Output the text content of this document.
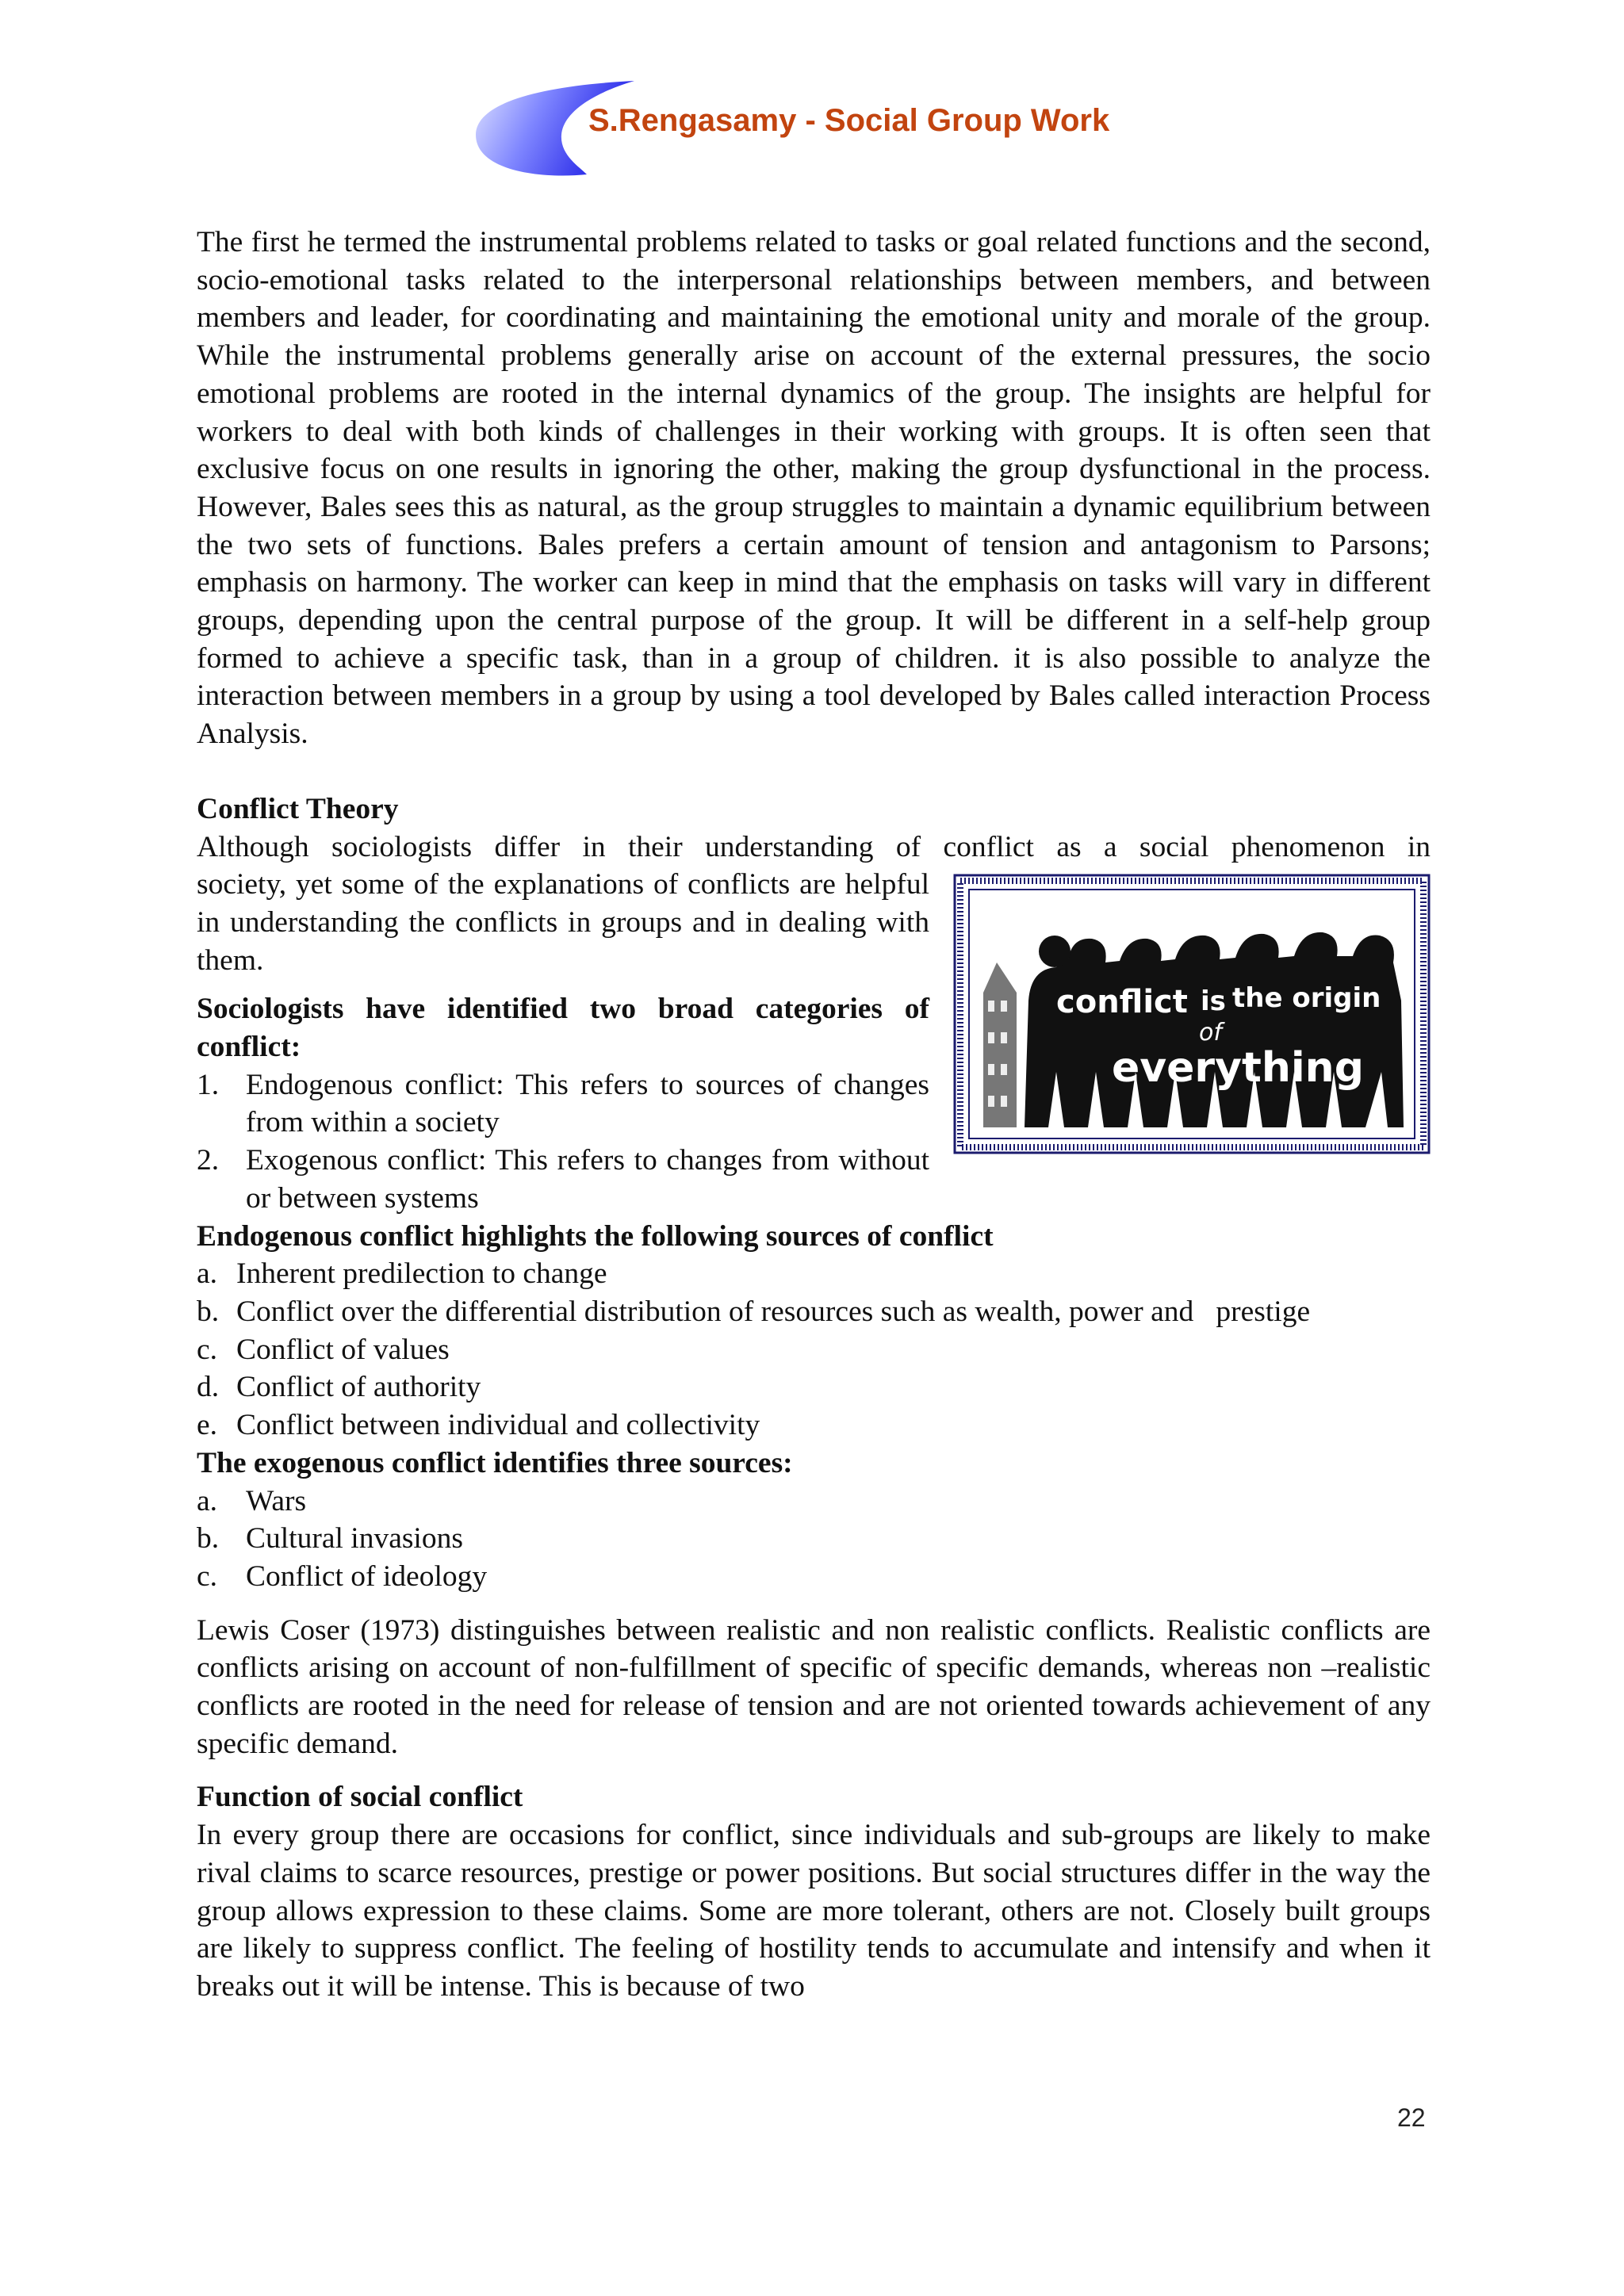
S.Rengasamy - Social Group Work

The first he termed the instrumental problems related to tasks or goal related functions and the second, socio-emotional tasks related to the interpersonal relationships between members, and between members and leader, for coordinating and maintaining the emotional unity and morale of the group. While the instrumental problems generally arise on account of the external pressures, the socio emotional problems are rooted in the internal dynamics of the group. The insights are helpful for workers to deal with both kinds of challenges in their working with groups. It is often seen that exclusive focus on one results in ignoring the other, making the group dysfunctional in the process. However, Bales sees this as natural, as the group struggles to maintain a dynamic equilibrium between the two sets of functions. Bales prefers a certain amount of tension and antagonism to Parsons; emphasis on harmony. The worker can keep in mind that the emphasis on tasks will vary in different groups, depending upon the central purpose of the group. It will be different in a self-help group formed to achieve a specific task, than in a group of children. it is also possible to analyze the interaction between members in a group by using a tool developed by Bales called interaction Process Analysis.

Conflict Theory

Although sociologists differ in their understanding of conflict as a social phenomenon in

conflict is the origin
of
everything

society, yet some of the explanations of conflicts are helpful in understanding the conflicts in groups and in dealing with them.

Sociologists have identified two broad categories of conflict:
1. Endogenous conflict: This refers to sources of changes from within a society
2. Exogenous conflict: This refers to changes from without or between systems
Endogenous conflict highlights the following sources of conflict
a. Inherent predilection to change
b. Conflict over the differential distribution of resources such as wealth, power and   prestige
c. Conflict of values
d. Conflict of authority
e. Conflict between individual and collectivity
The exogenous conflict identifies three sources:
a. Wars
b. Cultural invasions
c. Conflict of ideology

Lewis Coser (1973) distinguishes between realistic and non realistic conflicts. Realistic conflicts are conflicts arising on account of non-fulfillment of specific of specific demands, whereas non –realistic conflicts are rooted in the need for release of tension and are not oriented towards achievement of any specific demand.

Function of social conflict

In every group there are occasions for conflict, since individuals and sub-groups are likely to make rival claims to scarce resources, prestige or power positions. But social structures differ in the way the group allows expression to these claims. Some are more tolerant, others are not. Closely built groups are likely to suppress conflict. The feeling of hostility tends to accumulate and intensify and when it breaks out it will be intense. This is because of two

22
